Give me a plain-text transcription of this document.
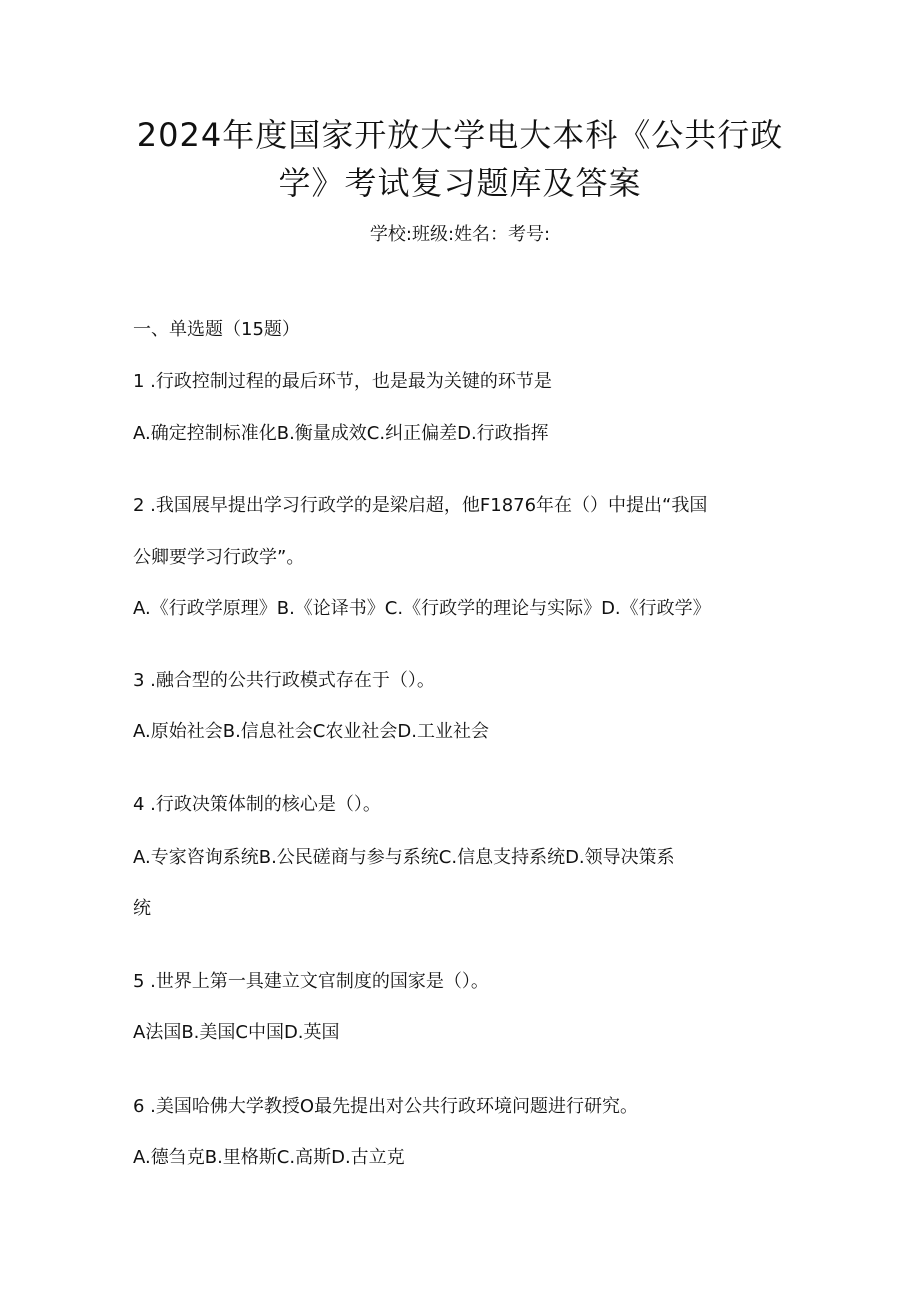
2024年度国家开放大学电大本科《公共行政
学》考试复习题库及答案
学校:班级:姓名：考号:
一、单选题（15题）
1 .行政控制过程的最后环节，也是最为关键的环节是
A.确定控制标准化B.衡量成效C.纠正偏差D.行政指挥
2 .我国展早提出学习行政学的是梁启超，他F1876年在（）中提出“我国
公卿要学习行政学”。
A.《行政学原理》B.《论译书》C.《行政学的理论与实际》D.《行政学》
3 .融合型的公共行政模式存在于（）。
A.原始社会B.信息社会C农业社会D.工业社会
4 .行政决策体制的核心是（）。
A.专家咨询系统B.公民磋商与参与系统C.信息支持系统D.领导决策系
统
5 .世界上第一具建立文官制度的国家是（）。
A法国B.美国C中国D.英国
6 .美国哈佛大学教授O最先提出对公共行政环境问题进行研究。
A.德刍克B.里格斯C.高斯D.古立克
